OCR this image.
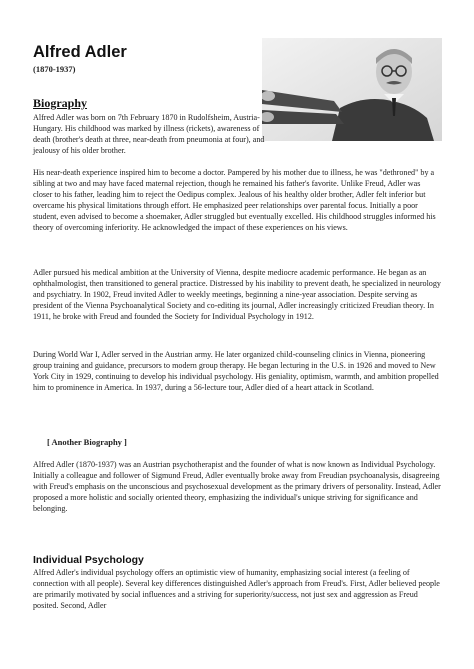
Alfred Adler
(1870-1937)
Biography

Alfred Adler was born on 7th February 1870 in Rudolfsheim, Austria-Hungary. His childhood was marked by illness (rickets), awareness of death (brother's death at three, near-death from pneumonia at four), and jealousy of his older brother.

His near-death experience inspired him to become a doctor. Pampered by his mother due to illness, he was "dethroned" by a sibling at two and may have faced maternal rejection, though he remained his father's favorite. Unlike Freud, Adler was closer to his father, leading him to reject the Oedipus complex. Jealous of his healthy older brother, Adler felt inferior but overcame his physical limitations through effort. He emphasized peer relationships over parental focus. Initially a poor student, even advised to become a shoemaker, Adler struggled but eventually excelled. His childhood struggles informed his theory of overcoming inferiority. He acknowledged the impact of these experiences on his views.

Adler pursued his medical ambition at the University of Vienna, despite mediocre academic performance. He began as an ophthalmologist, then transitioned to general practice. Distressed by his inability to prevent death, he specialized in neurology and psychiatry. In 1902, Freud invited Adler to weekly meetings, beginning a nine-year association. Despite serving as president of the Vienna Psychoanalytical Society and co-editing its journal, Adler increasingly criticized Freudian theory. In 1911, he broke with Freud and founded the Society for Individual Psychology in 1912.

During World War I, Adler served in the Austrian army. He later organized child-counseling clinics in Vienna, pioneering group training and guidance, precursors to modern group therapy. He began lecturing in the U.S. in 1926 and moved to New York City in 1929, continuing to develop his individual psychology. His geniality, optimism, warmth, and ambition propelled him to prominence in America. In 1937, during a 56-lecture tour, Adler died of a heart attack in Scotland.

[ Another Biography ]

Alfred Adler (1870-1937) was an Austrian psychotherapist and the founder of what is now known as Individual Psychology. Initially a colleague and follower of Sigmund Freud, Adler eventually broke away from Freudian psychoanalysis, disagreeing with Freud's emphasis on the unconscious and psychosexual development as the primary drivers of personality. Instead, Adler proposed a more holistic and socially oriented theory, emphasizing the individual's unique striving for significance and belonging.

Individual Psychology

Alfred Adler's individual psychology offers an optimistic view of humanity, emphasizing social interest (a feeling of connection with all people). Several key differences distinguished Adler's approach from Freud's. First, Adler believed people are primarily motivated by social influences and a striving for superiority/success, not just sex and aggression as Freud posited. Second, Adler
